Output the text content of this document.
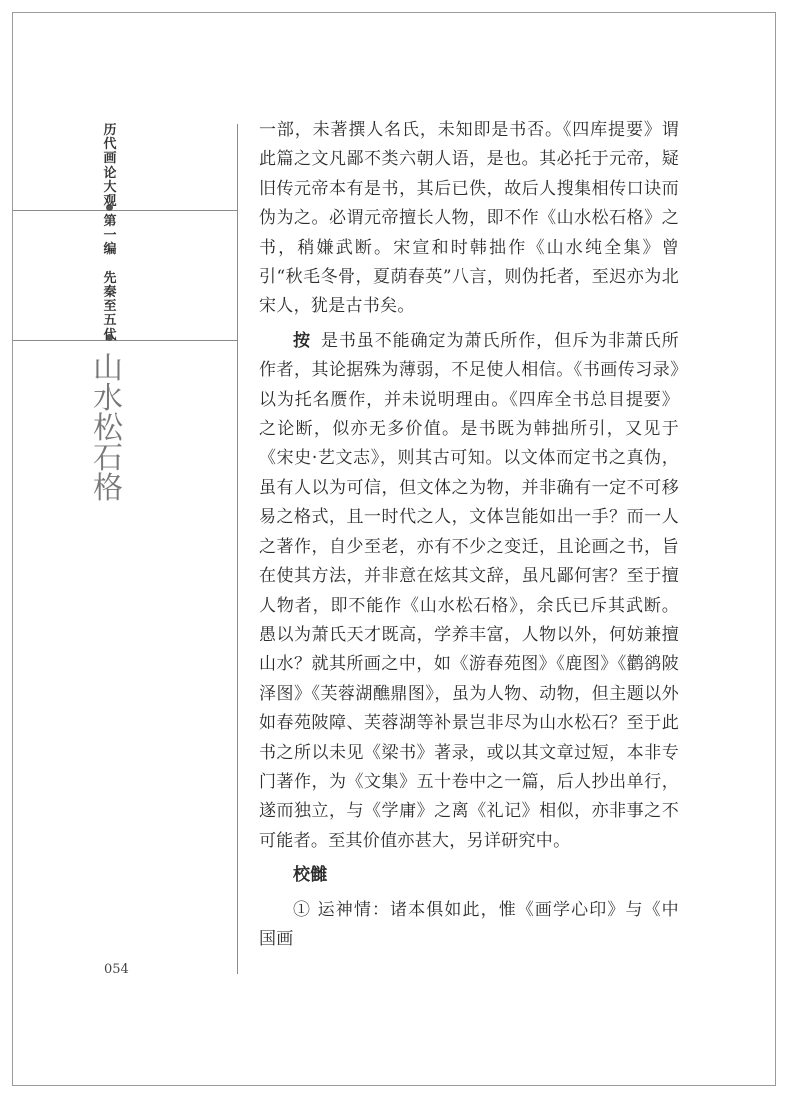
历
代
画
论
大
观
第
一
编

先
秦
至
五
代
山
水
松
石
格
054

一部，未著撰人名氏，未知即是书否。《四库提要》谓此篇之文凡鄙不类六朝人语，是也。其必托于元帝，疑旧传元帝本有是书，其后已佚，故后人搜集相传口诀而伪为之。必谓元帝擅长人物，即不作《山水松石格》之书，稍嫌武断。宋宣和时韩拙作《山水纯全集》曾引“秋毛冬骨，夏荫春英”八言，则伪托者，至迟亦为北宋人，犹是古书矣。

按 是书虽不能确定为萧氏所作，但斥为非萧氏所作者，其论据殊为薄弱，不足使人相信。《书画传习录》以为托名赝作，并未说明理由。《四库全书总目提要》之论断，似亦无多价值。是书既为韩拙所引，又见于《宋史·艺文志》，则其古可知。以文体而定书之真伪，虽有人以为可信，但文体之为物，并非确有一定不可移易之格式，且一时代之人，文体岂能如出一手？而一人之著作，自少至老，亦有不少之变迁，且论画之书，旨在使其方法，并非意在炫其文辞，虽凡鄙何害？至于擅人物者，即不能作《山水松石格》，余氏已斥其武断。愚以为萧氏天才既高，学养丰富，人物以外，何妨兼擅山水？就其所画之中，如《游春苑图》《鹿图》《鹳鹆陂泽图》《芙蓉湖醮鼎图》，虽为人物、动物，但主题以外如春苑陂障、芙蓉湖等补景岂非尽为山水松石？至于此书之所以未见《梁书》著录，或以其文章过短，本非专门著作，为《文集》五十卷中之一篇，后人抄出单行，遂而独立，与《学庸》之离《礼记》相似，亦非事之不可能者。至其价值亦甚大，另详研究中。

校雠

① 运神情：诸本俱如此，惟《画学心印》与《中国画
